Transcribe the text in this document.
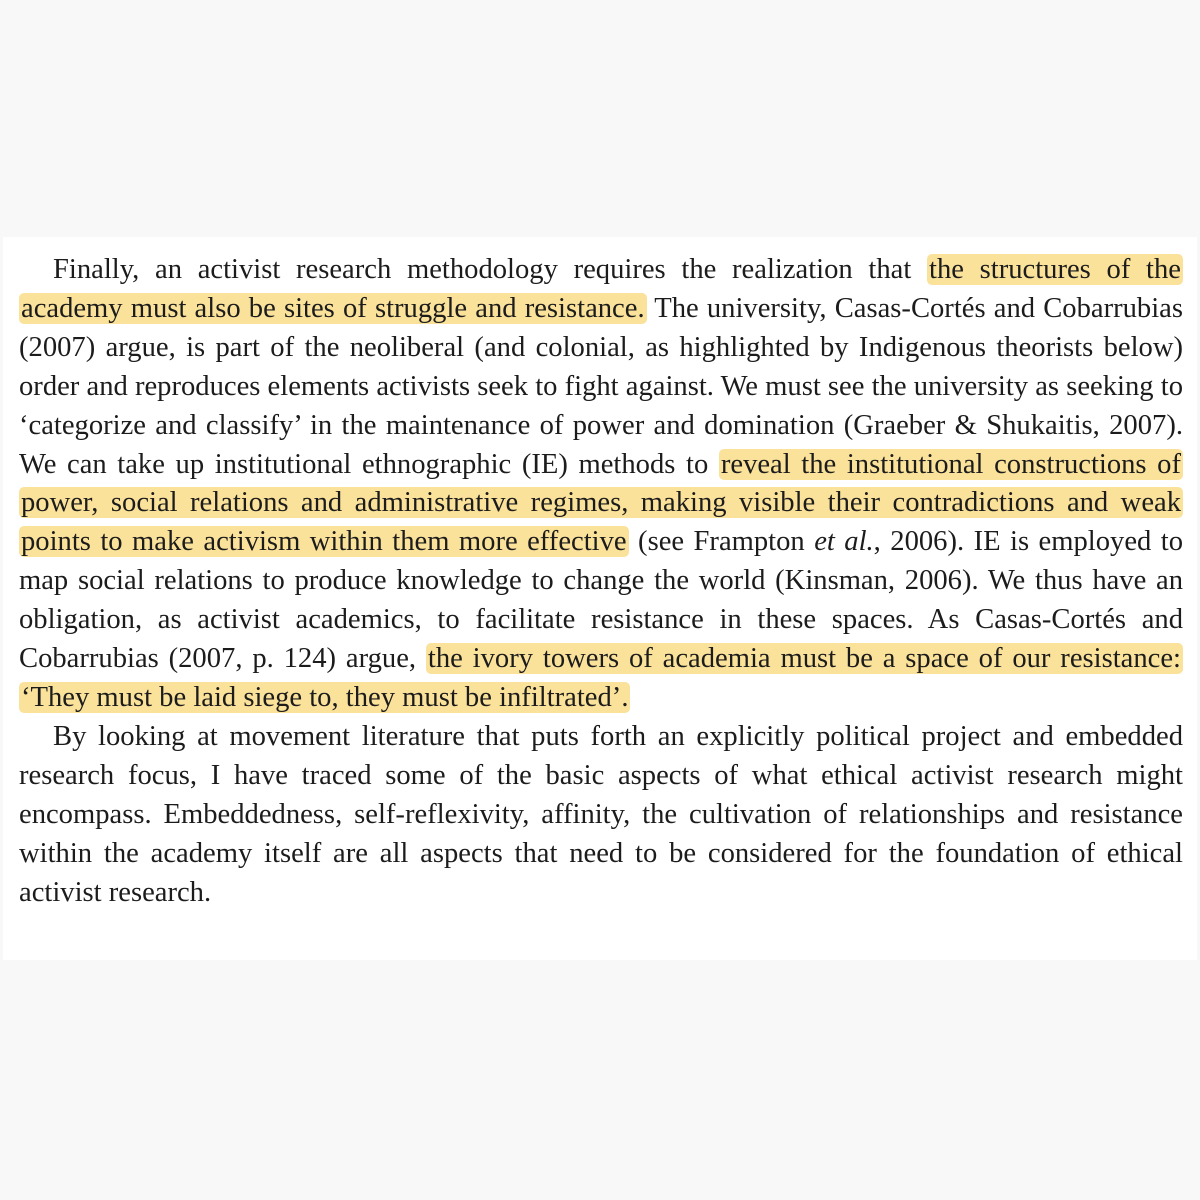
Finally, an activist research methodology requires the realization that the structures of the academy must also be sites of struggle and resistance. The university, Casas-Cortés and Cobarrubias (2007) argue, is part of the neoliberal (and colonial, as highlighted by Indigenous theorists below) order and reproduces elements activists seek to fight against. We must see the university as seeking to ‘categorize and classify’ in the maintenance of power and domination (Graeber & Shukaitis, 2007). We can take up institutional ethnographic (IE) methods to reveal the institutional constructions of power, social relations and administrative regimes, making visible their contradictions and weak points to make activism within them more effective (see Frampton et al., 2006). IE is employed to map social relations to produce knowledge to change the world (Kinsman, 2006). We thus have an obligation, as activist academics, to facilitate resistance in these spaces. As Casas-Cortés and Cobarrubias (2007, p. 124) argue, the ivory towers of academia must be a space of our resistance: ‘They must be laid siege to, they must be infiltrated’.

By looking at movement literature that puts forth an explicitly political project and embedded research focus, I have traced some of the basic aspects of what ethical activist research might encompass. Embeddedness, self-reflexivity, affinity, the cultivation of relationships and resistance within the academy itself are all aspects that need to be considered for the foundation of ethical activist research.
